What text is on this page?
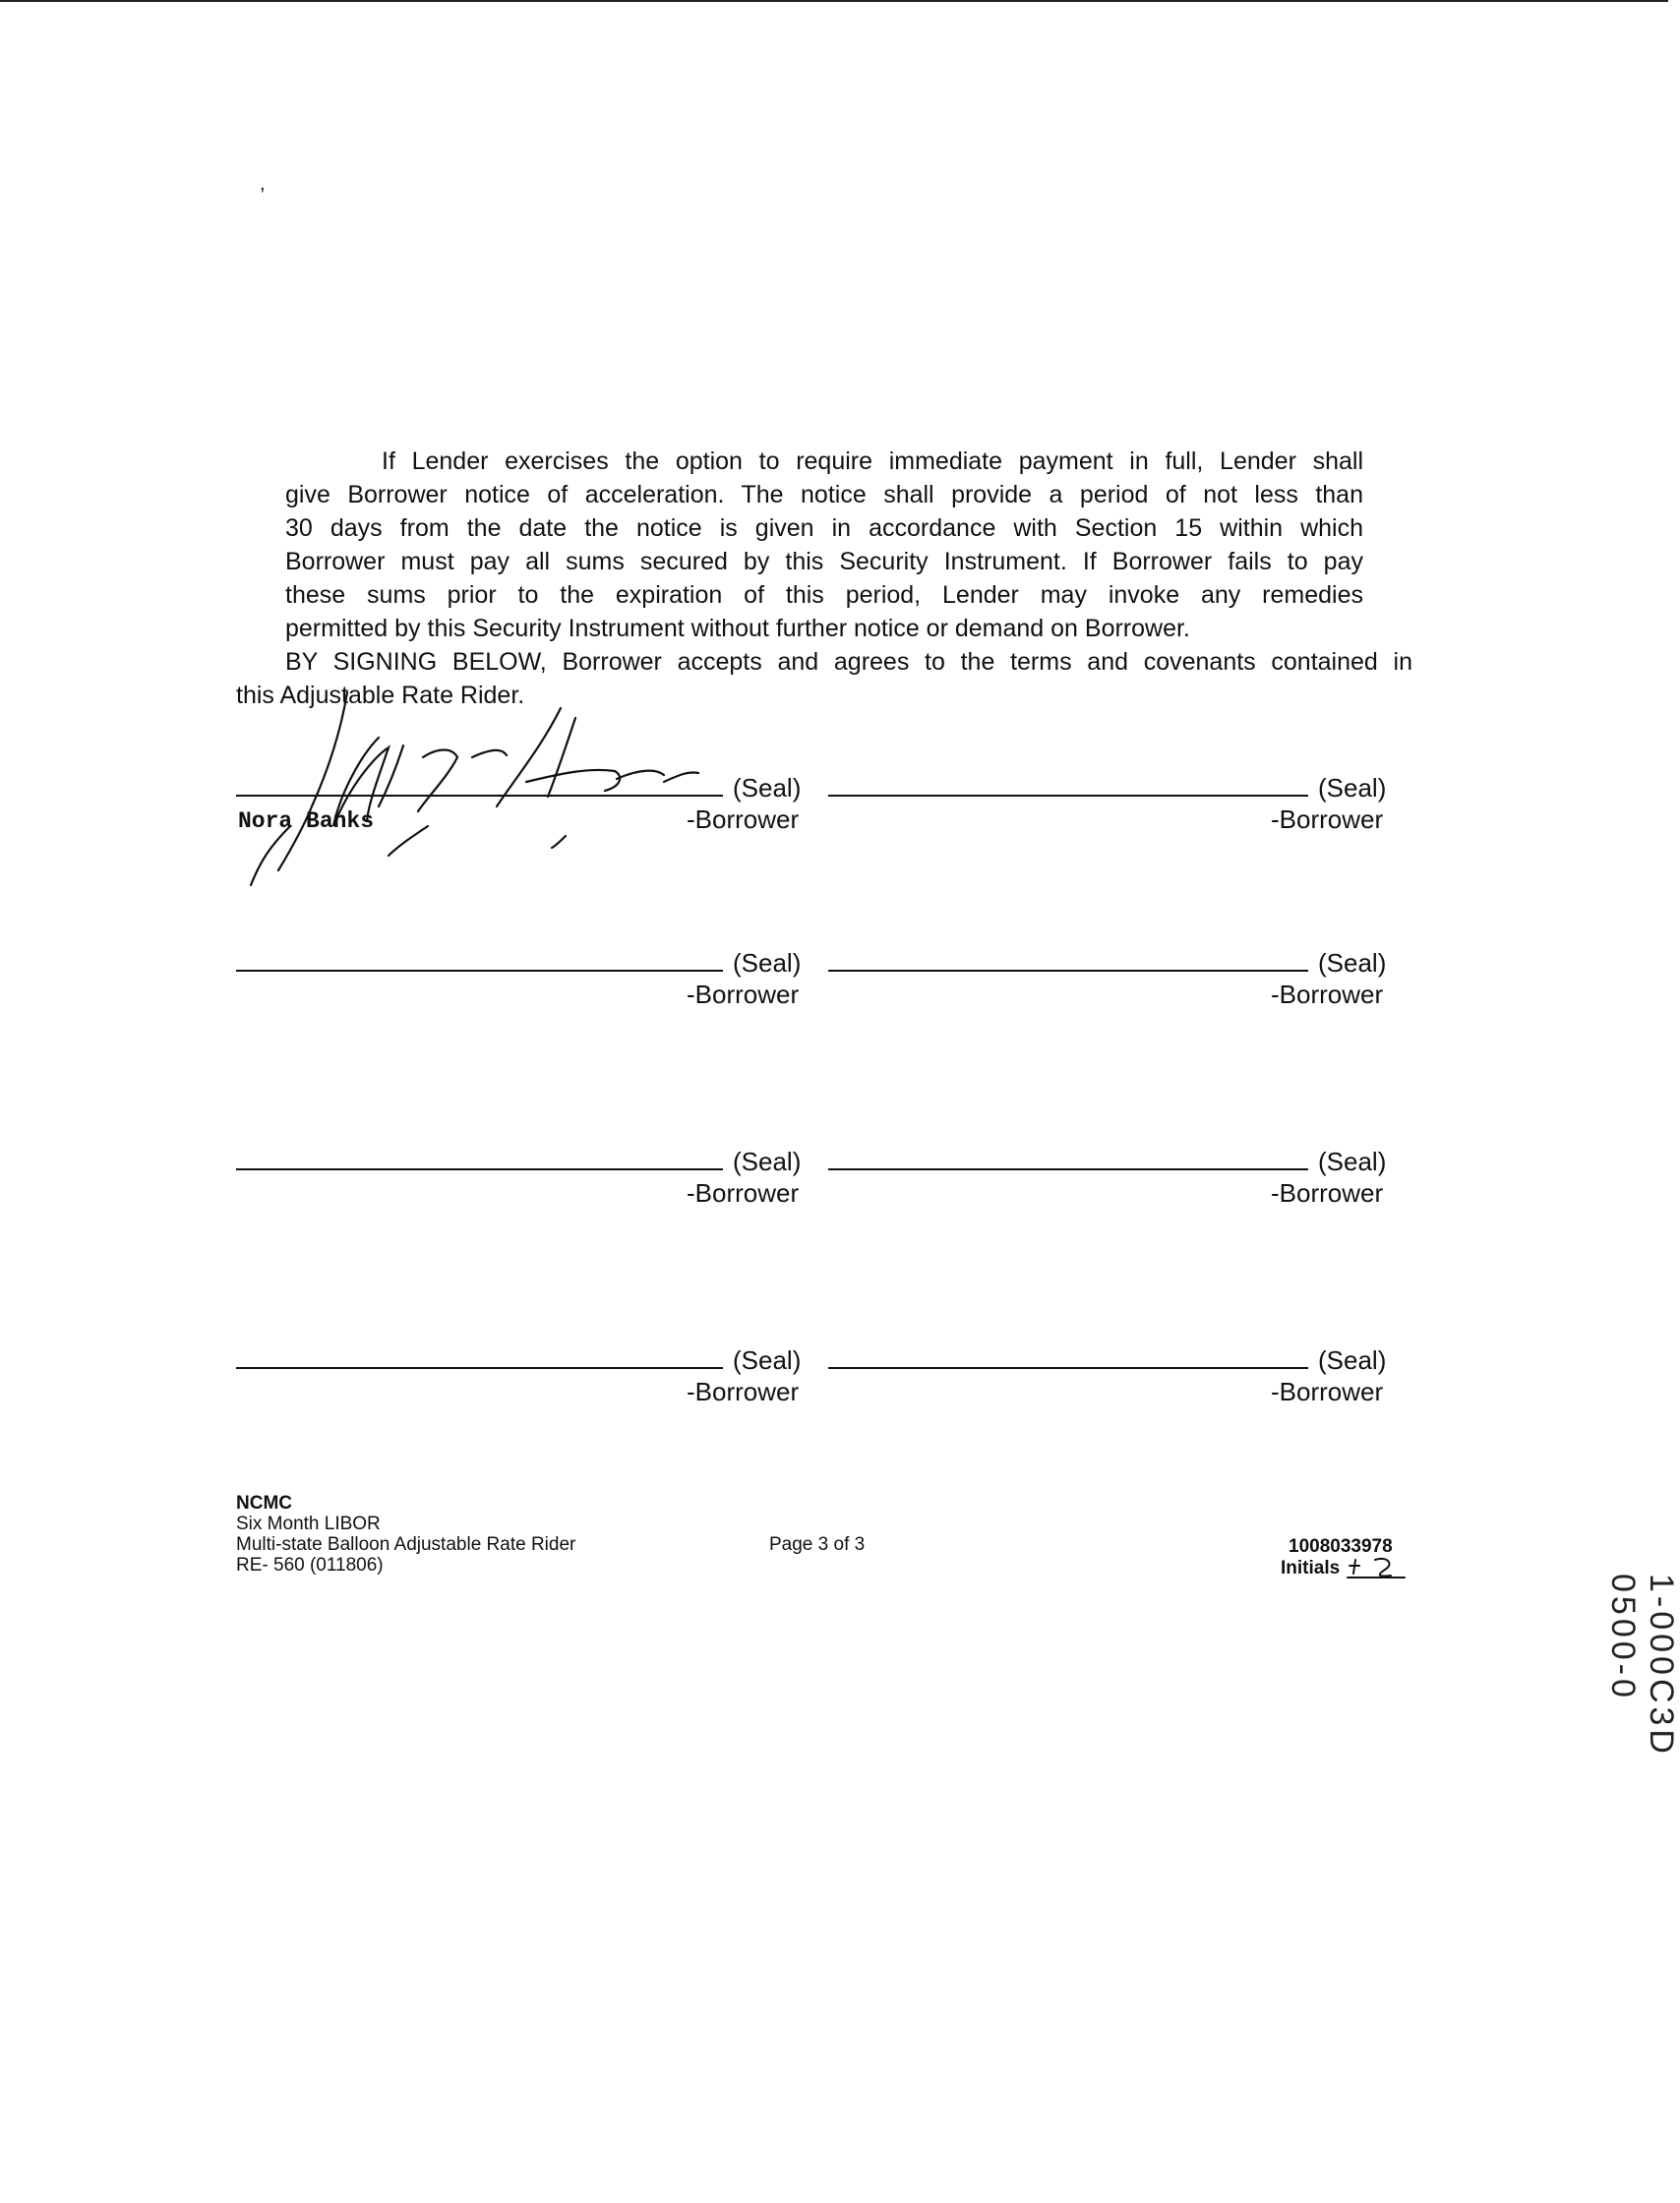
,
If Lender exercises the option to require immediate payment in full, Lender shall
give Borrower notice of acceleration. The notice shall provide a period of not less than
30 days from the date the notice is given in accordance with Section 15 within which
Borrower must pay all sums secured by this Security Instrument. If Borrower fails to pay
these sums prior to the expiration of this period, Lender may invoke any remedies
permitted by this Security Instrument without further notice or demand on Borrower.
BY SIGNING BELOW, Borrower accepts and agrees to the terms and covenants contained in
this Adjustable Rate Rider.
(Seal)
-Borrower
Nora Banks
(Seal)
-Borrower
(Seal)
-Borrower
(Seal)
-Borrower
(Seal)
-Borrower
(Seal)
-Borrower
(Seal)
-Borrower
(Seal)
-Borrower
NCMC
Six Month LIBOR
Multi-state Balloon Adjustable Rate Rider
RE- 560 (011806)
Page 3 of 3	1008033978
Initials
1-000C3D 0500-0
